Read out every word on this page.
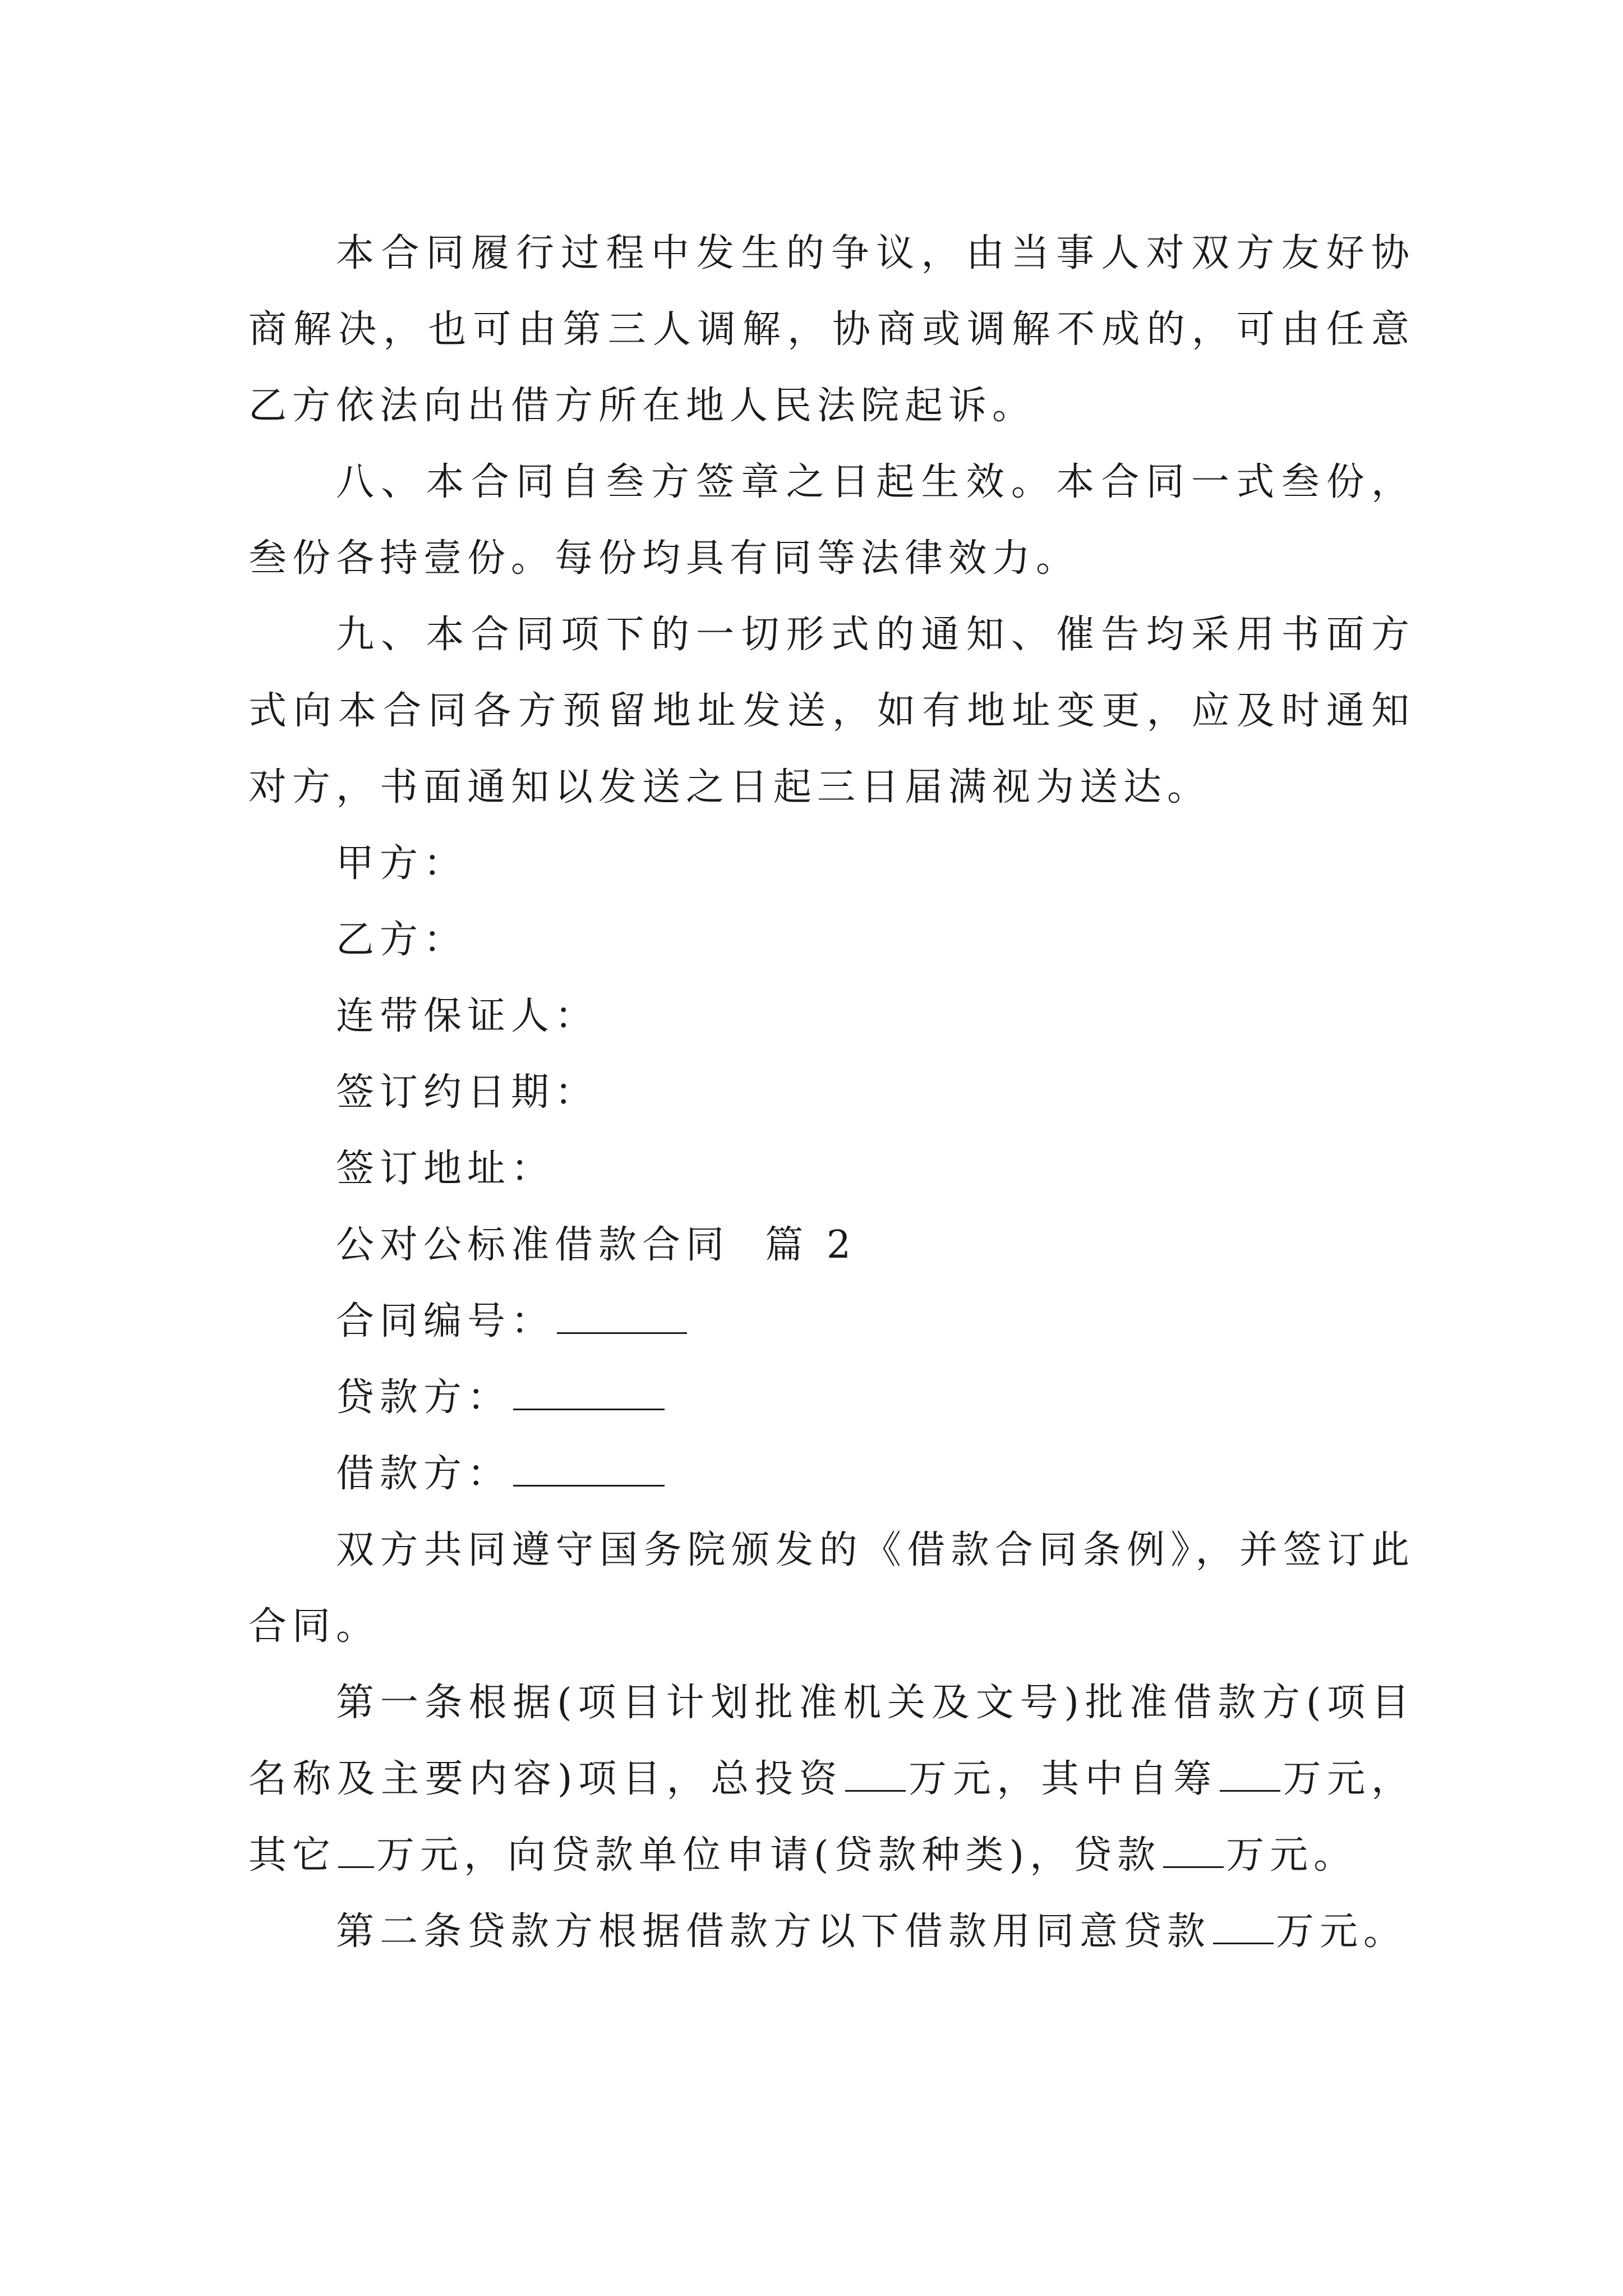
本合同履行过程中发生的争议，由当事人对双方友好协商解决，也可由第三人调解，协商或调解不成的，可由任意乙方依法向出借方所在地人民法院起诉。

八、本合同自叁方签章之日起生效。本合同一式叁份，叁份各持壹份。每份均具有同等法律效力。

九、本合同项下的一切形式的通知、催告均采用书面方式向本合同各方预留地址发送，如有地址变更，应及时通知对方，书面通知以发送之日起三日届满视为送达。

甲方：

乙方：

连带保证人：

签订约日期：

签订地址：

公对公标准借款合同  篇 2

合同编号：

贷款方：

借款方：

双方共同遵守国务院颁发的《借款合同条例》，并签订此合同。

第一条根据(项目计划批准机关及文号)批准借款方(项目名称及主要内容)项目，总投资 万元，其中自筹 万元，其它 万元，向贷款单位申请(贷款种类)，贷款 万元。

第二条贷款方根据借款方以下借款用同意贷款 万元。
